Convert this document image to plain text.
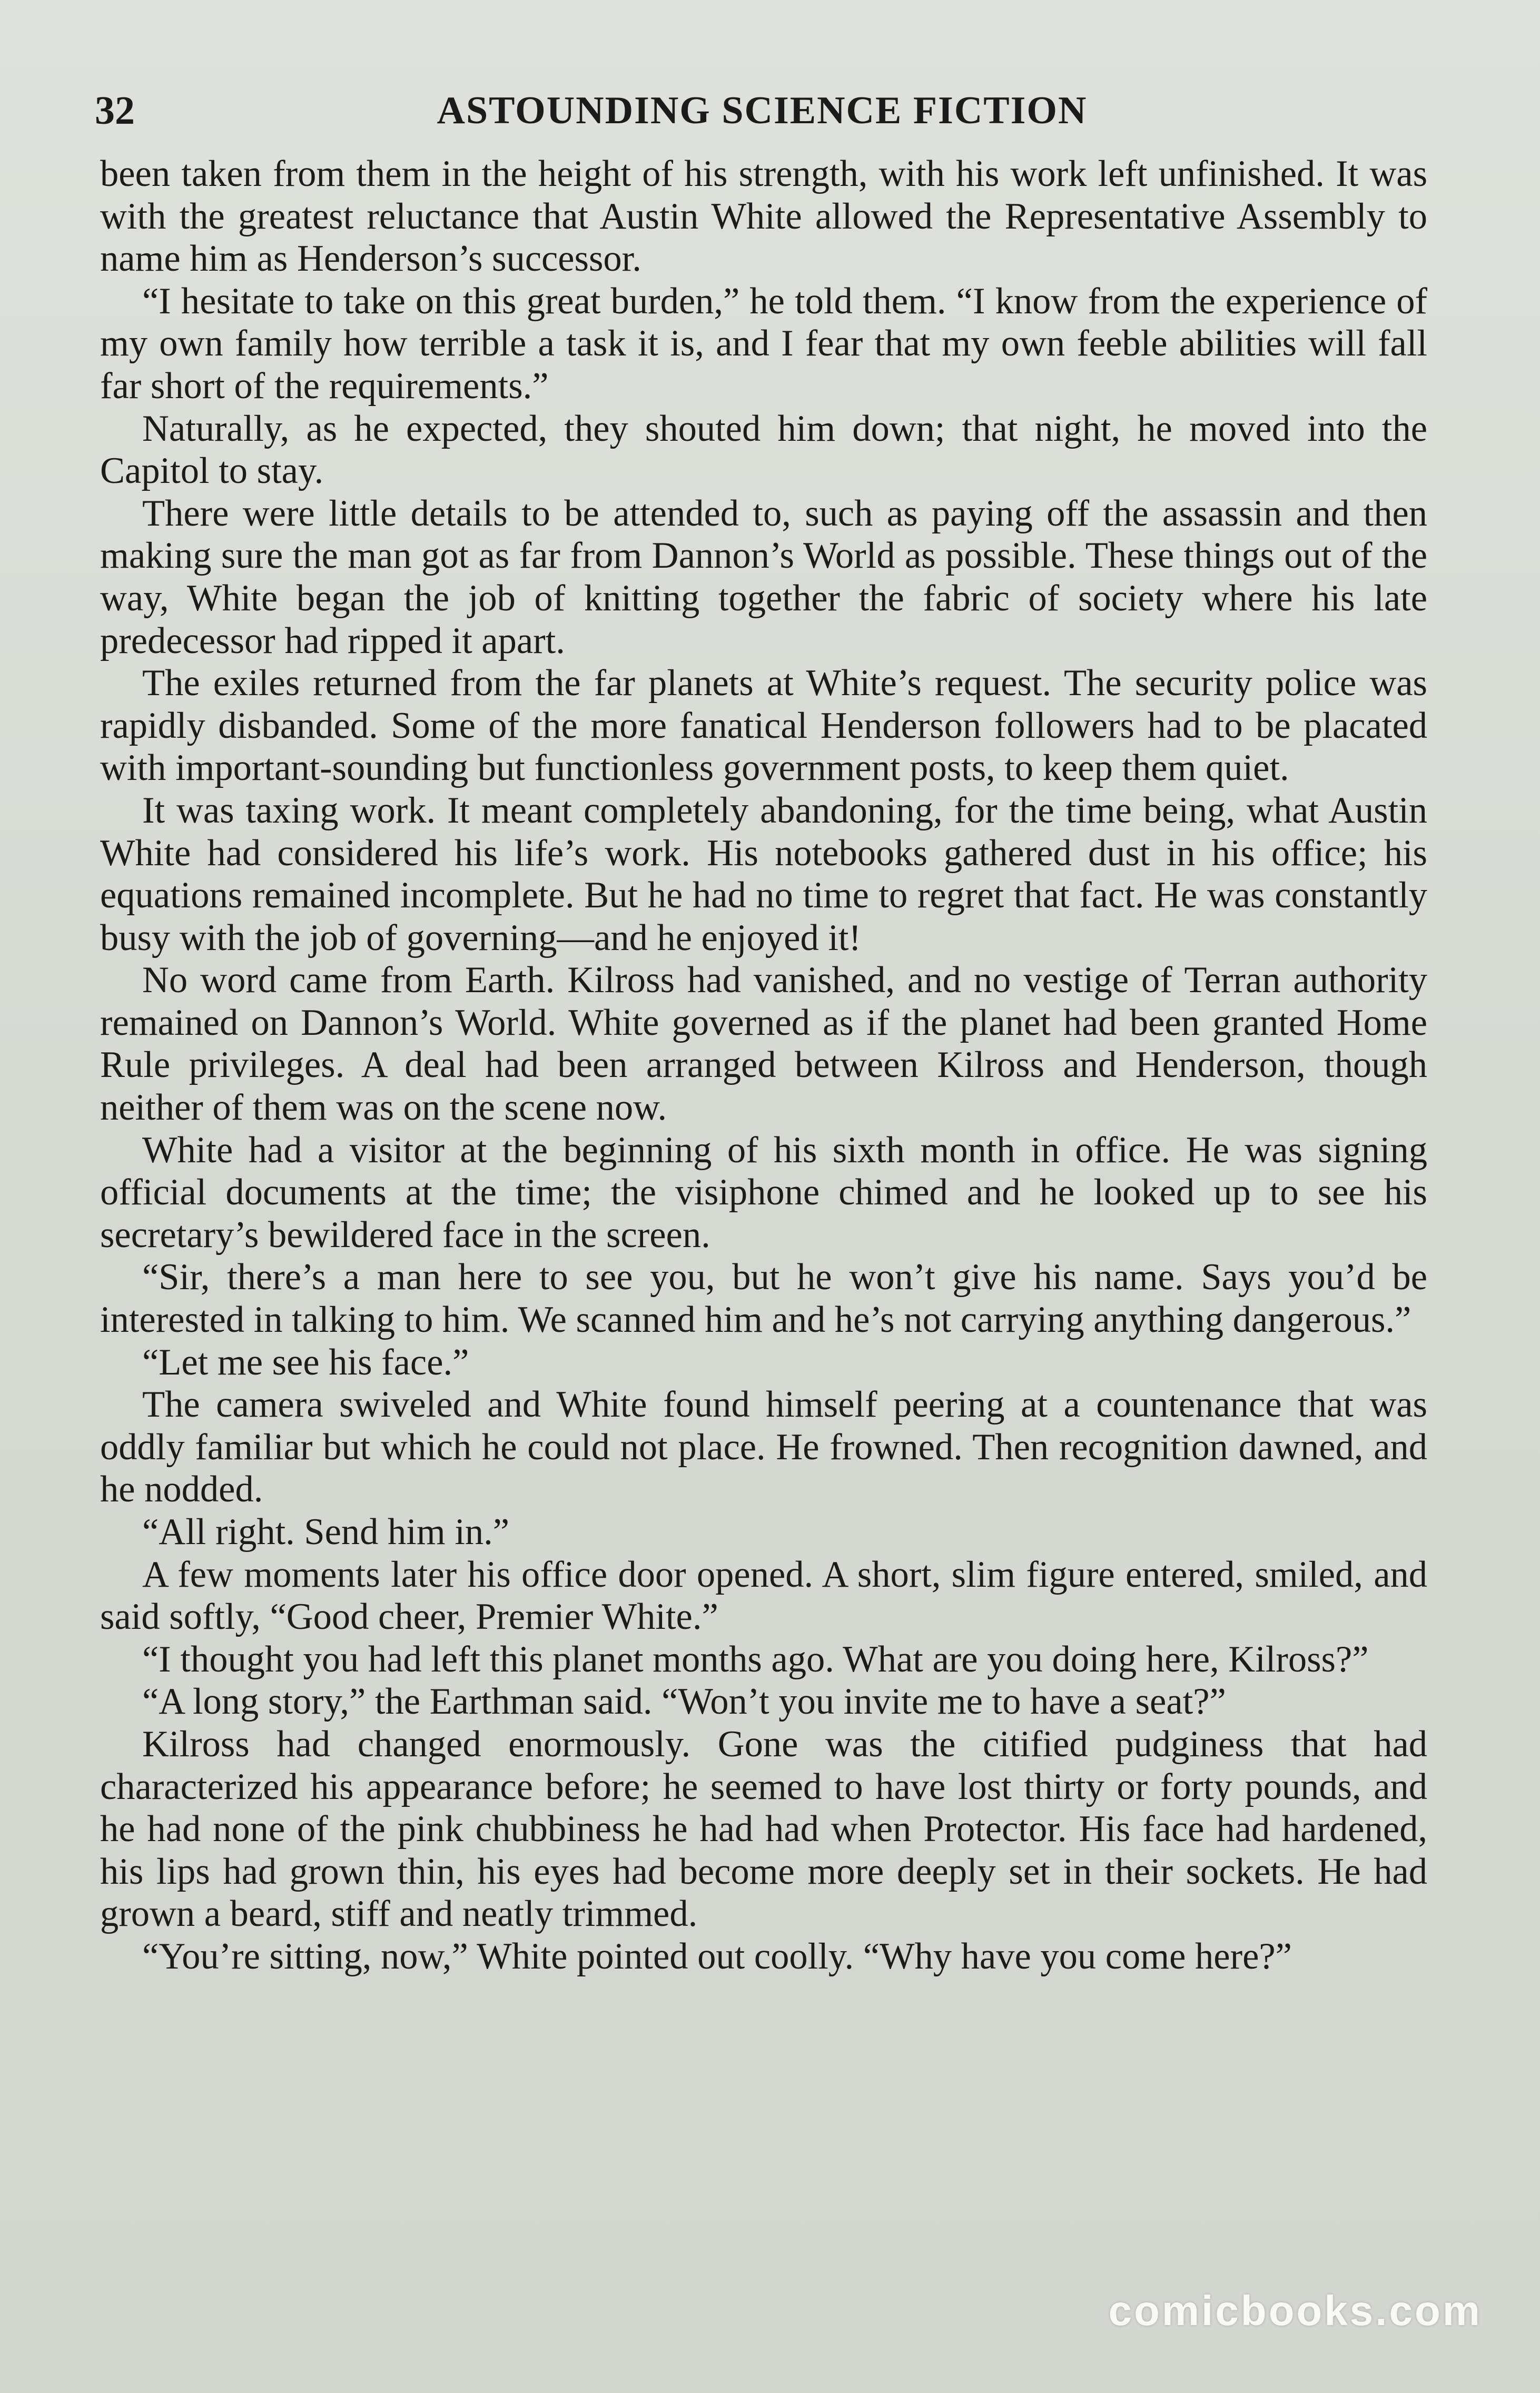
32	ASTOUNDING SCIENCE FICTION

been taken from them in the height of his strength, with his work left unfinished. It was with the greatest reluctance that Austin White allowed the Representative Assembly to name him as Henderson’s successor.

“I hesitate to take on this great burden,” he told them. “I know from the experience of my own family how terrible a task it is, and I fear that my own feeble abilities will fall far short of the requirements.”

Naturally, as he expected, they shouted him down; that night, he moved into the Capitol to stay.

There were little details to be attended to, such as paying off the assassin and then making sure the man got as far from Dannon’s World as possible. These things out of the way, White began the job of knitting together the fabric of society where his late predecessor had ripped it apart.

The exiles returned from the far planets at White’s request. The security police was rapidly disbanded. Some of the more fanatical Henderson followers had to be placated with important-sounding but functionless government posts, to keep them quiet.

It was taxing work. It meant completely abandoning, for the time being, what Austin White had considered his life’s work. His notebooks gathered dust in his office; his equations remained incomplete. But he had no time to regret that fact. He was constantly busy with the job of governing—and he enjoyed it!

No word came from Earth. Kilross had vanished, and no vestige of Terran authority remained on Dannon’s World. White governed as if the planet had been granted Home Rule privileges. A deal had been arranged between Kilross and Henderson, though neither of them was on the scene now.

White had a visitor at the beginning of his sixth month in office. He was signing official documents at the time; the visiphone chimed and he looked up to see his secretary’s bewildered face in the screen.

“Sir, there’s a man here to see you, but he won’t give his name. Says you’d be interested in talking to him. We scanned him and he’s not carrying anything dangerous.”

“Let me see his face.”

The camera swiveled and White found himself peering at a countenance that was oddly familiar but which he could not place. He frowned. Then recognition dawned, and he nodded.

“All right. Send him in.”

A few moments later his office door opened. A short, slim figure entered, smiled, and said softly, “Good cheer, Premier White.”

“I thought you had left this planet months ago. What are you doing here, Kilross?”

“A long story,” the Earthman said. “Won’t you invite me to have a seat?”

Kilross had changed enormously. Gone was the citified pudginess that had characterized his appearance before; he seemed to have lost thirty or forty pounds, and he had none of the pink chubbiness he had had when Protector. His face had hardened, his lips had grown thin, his eyes had become more deeply set in their sockets. He had grown a beard, stiff and neatly trimmed.

“You’re sitting, now,” White pointed out coolly. “Why have you come here?”

comicbooks.com
